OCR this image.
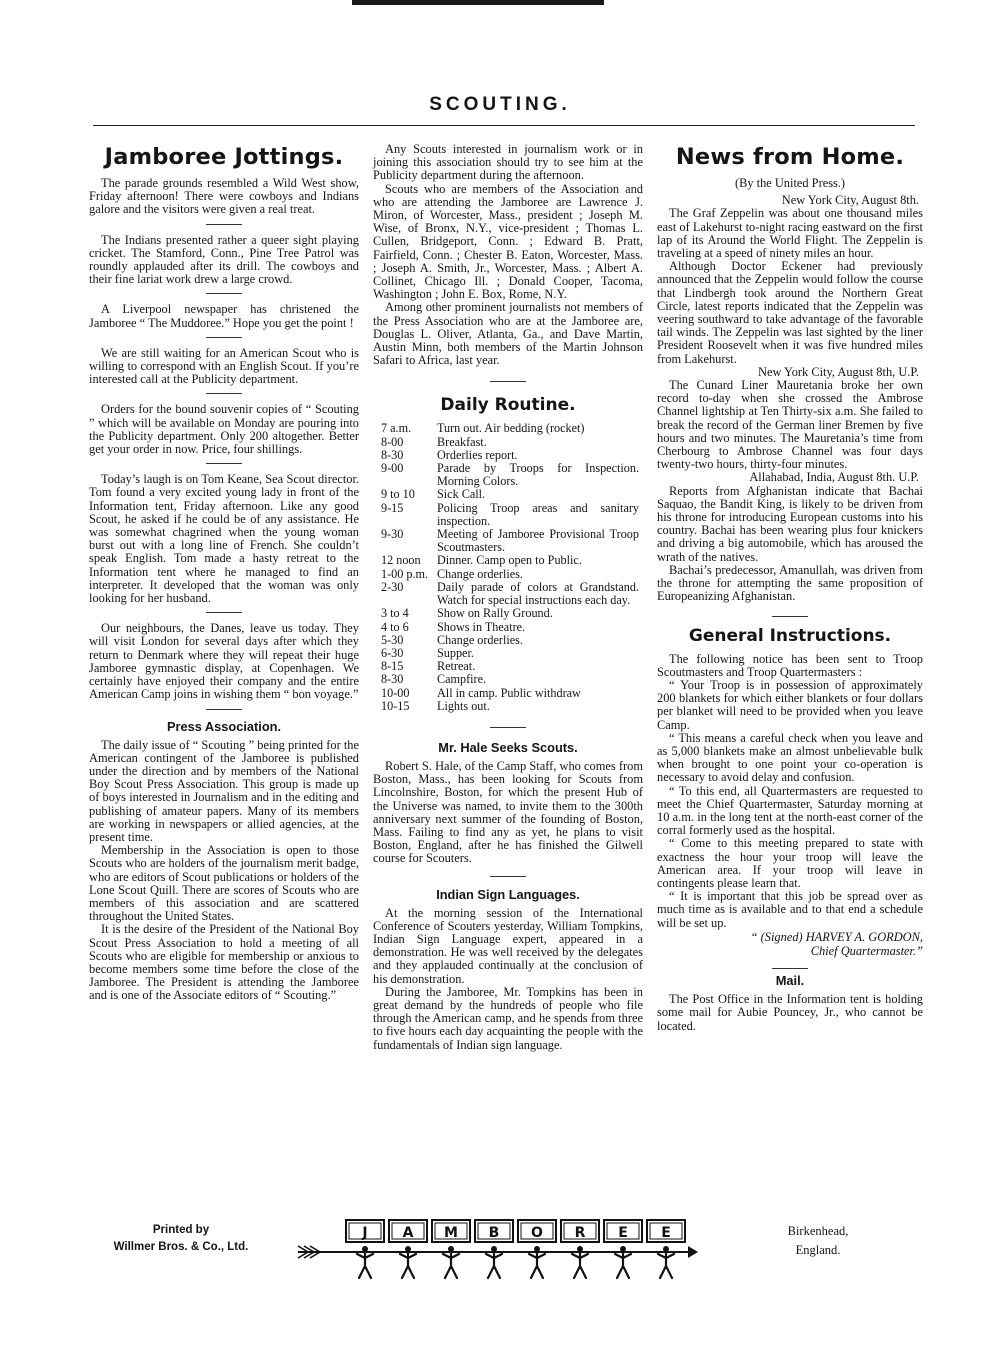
SCOUTING.
Jamboree Jottings.

The parade grounds resembled a Wild West show, Friday afternoon! There were cowboys and Indians galore and the visitors were given a real treat.

The Indians presented rather a queer sight playing cricket. The Stamford, Conn., Pine Tree Patrol was roundly applauded after its drill. The cowboys and their fine lariat work drew a large crowd.

A Liverpool newspaper has christened the Jamboree “ The Muddoree.” Hope you get the point !

We are still waiting for an American Scout who is willing to correspond with an English Scout. If you’re interested call at the Publicity department.

Orders for the bound souvenir copies of “ Scouting ” which will be available on Monday are pouring into the Publicity department. Only 200 altogether. Better get your order in now. Price, four shillings.

Today’s laugh is on Tom Keane, Sea Scout director. Tom found a very excited young lady in front of the Information tent, Friday afternoon. Like any good Scout, he asked if he could be of any assistance. He was somewhat chagrined when the young woman burst out with a long line of French. She couldn’t speak English. Tom made a hasty retreat to the Information tent where he managed to find an interpreter. It developed that the woman was only looking for her husband.

Our neighbours, the Danes, leave us today. They will visit London for several days after which they return to Denmark where they will repeat their huge Jamboree gymnastic display, at Copenhagen. We certainly have enjoyed their company and the entire American Camp joins in wishing them “ bon voyage.”

Press Association.

The daily issue of “ Scouting ” being printed for the American contingent of the Jamboree is published under the direction and by members of the National Boy Scout Press Association. This group is made up of boys interested in Journalism and in the editing and publishing of amateur papers. Many of its members are working in newspapers or allied agencies, at the present time.

Membership in the Association is open to those Scouts who are holders of the journalism merit badge, who are editors of Scout publications or holders of the Lone Scout Quill. There are scores of Scouts who are members of this association and are scattered throughout the United States.

It is the desire of the President of the National Boy Scout Press Association to hold a meeting of all Scouts who are eligible for membership or anxious to become members some time before the close of the Jamboree. The President is attending the Jamboree and is one of the Associate editors of “ Scouting.”

Any Scouts interested in journalism work or in joining this association should try to see him at the Publicity department during the afternoon.

Scouts who are members of the Association and who are attending the Jamboree are Lawrence J. Miron, of Worcester, Mass., president ; Joseph M. Wise, of Bronx, N.Y., vice-president ; Thomas L. Cullen, Bridgeport, Conn. ; Edward B. Pratt, Fairfield, Conn. ; Chester B. Eaton, Worcester, Mass. ; Joseph A. Smith, Jr., Worcester, Mass. ; Albert A. Collinet, Chicago Ill. ; Donald Cooper, Tacoma, Washington ; John E. Box, Rome, N.Y.

Among other prominent journalists not members of the Press Association who are at the Jamboree are, Douglas L. Oliver, Atlanta, Ga., and Dave Martin, Austin Minn, both members of the Martin Johnson Safari to Africa, last year.

Daily Routine.
7 a.m.	Turn out. Air bedding (rocket)
8-00	Breakfast.
8-30	Orderlies report.
9-00	Parade by Troops for Inspection. Morning Colors.
9 to 10	Sick Call.
9-15	Policing Troop areas and sanitary inspection.
9-30	Meeting of Jamboree Provisional Troop Scoutmasters.
12 noon	Dinner. Camp open to Public.
1-00 p.m.	Change orderlies.
2-30	Daily parade of colors at Grandstand. Watch for special instructions each day.
3 to 4	Show on Rally Ground.
4 to 6	Shows in Theatre.
5-30	Change orderlies.
6-30	Supper.
8-15	Retreat.
8-30	Campfire.
10-00	All in camp. Public withdraw
10-15	Lights out.
Mr. Hale Seeks Scouts.

Robert S. Hale, of the Camp Staff, who comes from Boston, Mass., has been looking for Scouts from Lincolnshire, Boston, for which the present Hub of the Universe was named, to invite them to the 300th anniversary next summer of the founding of Boston, Mass. Failing to find any as yet, he plans to visit Boston, England, after he has finished the Gilwell course for Scouters.

Indian Sign Languages.

At the morning session of the International Conference of Scouters yesterday, William Tompkins, Indian Sign Language expert, appeared in a demonstration. He was well received by the delegates and they applauded continually at the conclusion of his demonstration.

During the Jamboree, Mr. Tompkins has been in great demand by the hundreds of people who file through the American camp, and he spends from three to five hours each day acquainting the people with the fundamentals of Indian sign language.

News from Home.
(By the United Press.)
New York City, August 8th.

The Graf Zeppelin was about one thousand miles east of Lakehurst to-night racing eastward on the first lap of its Around the World Flight. The Zeppelin is traveling at a speed of ninety miles an hour.

Although Doctor Eckener had previously announced that the Zeppelin would follow the course that Lindbergh took around the Northern Great Circle, latest reports indicated that the Zeppelin was veering southward to take advantage of the favorable tail winds. The Zeppelin was last sighted by the liner President Roosevelt when it was five hundred miles from Lakehurst.

New York City, August 8th, U.P.

The Cunard Liner Mauretania broke her own record to-day when she crossed the Ambrose Channel lightship at Ten Thirty-six a.m. She failed to break the record of the German liner Bremen by five hours and two minutes. The Mauretania’s time from Cherbourg to Ambrose Channel was four days twenty-two hours, thirty-four minutes.

Allahabad, India, August 8th. U.P.

Reports from Afghanistan indicate that Bachai Saquao, the Bandit King, is likely to be driven from his throne for introducing European customs into his country. Bachai has been wearing plus four knickers and driving a big automobile, which has aroused the wrath of the natives.

Bachai’s predecessor, Amanullah, was driven from the throne for attempting the same proposition of Europeanizing Afghanistan.

General Instructions.

The following notice has been sent to Troop Scoutmasters and Troop Quartermasters :

“ Your Troop is in possession of approximately 200 blankets for which either blankets or four dollars per blanket will need to be provided when you leave Camp.

“ This means a careful check when you leave and as 5,000 blankets make an almost unbelievable bulk when brought to one point your co-operation is necessary to avoid delay and confusion.

“ To this end, all Quartermasters are requested to meet the Chief Quartermaster, Saturday morning at 10 a.m. in the long tent at the north-east corner of the corral formerly used as the hospital.

“ Come to this meeting prepared to state with exactness the hour your troop will leave the American area. If your troop will leave in contingents please learn that.

“ It is important that this job be spread over as much time as is available and to that end a schedule will be set up.

“ (Signed) HARVEY A. GORDON,
Chief Quartermaster.”
Mail.

The Post Office in the Information tent is holding some mail for Aubie Pouncey, Jr., who cannot be located.

Printed by
Willmer Bros. & Co., Ltd.
J A M B O R E E	Birkenhead,
England.
